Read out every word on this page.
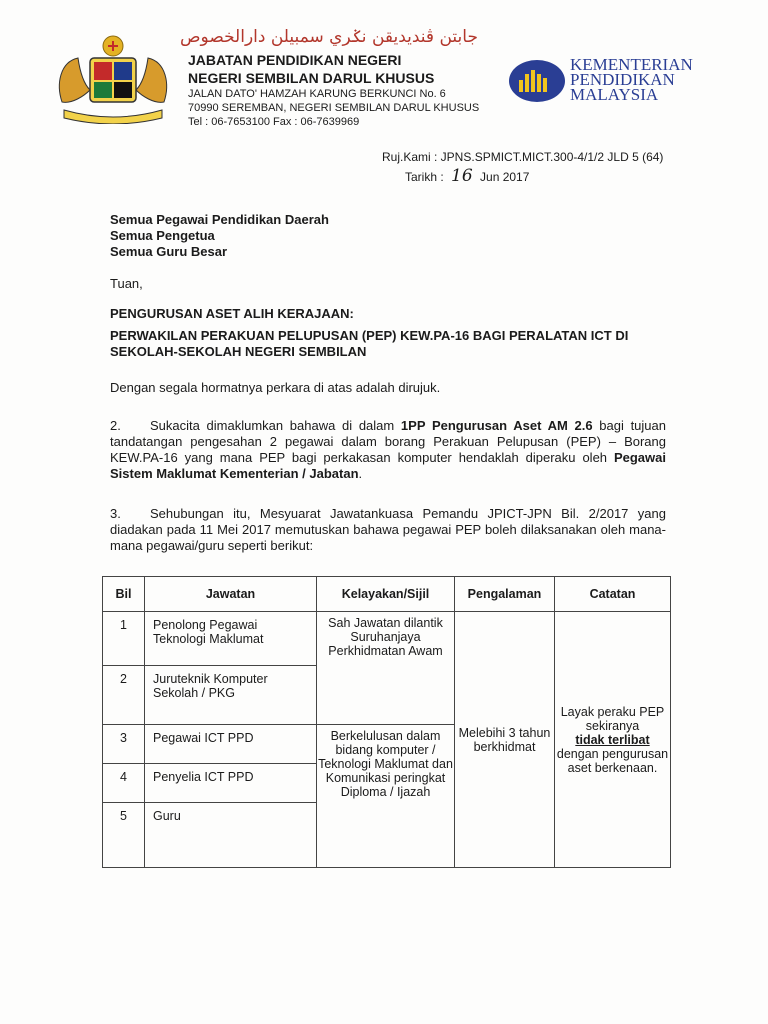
جابتن ڤنديديقن نݢري سمبيلن دارالخصوص
JABATAN PENDIDIKAN NEGERI
NEGERI SEMBILAN DARUL KHUSUS
JALAN DATO' HAMZAH KARUNG BERKUNCI No. 6
70990 SEREMBAN, NEGERI SEMBILAN DARUL KHUSUS
Tel : 06-7653100 Fax : 06-7639969
KEMENTERIAN
PENDIDIKAN
MALAYSIA
Ruj.Kami : JPNS.SPMICT.MICT.300-4/1/2 JLD 5 (64)
Tarikh : 16 Jun 2017
Semua Pegawai Pendidikan Daerah
Semua Pengetua
Semua Guru Besar
Tuan,
PENGURUSAN ASET ALIH KERAJAAN:
PERWAKILAN PERAKUAN PELUPUSAN (PEP) KEW.PA-16 BAGI PERALATAN ICT DI SEKOLAH-SEKOLAH NEGERI SEMBILAN
Dengan segala hormatnya perkara di atas adalah dirujuk.
2. Sukacita dimaklumkan bahawa di dalam 1PP Pengurusan Aset AM 2.6 bagi tujuan tandatangan pengesahan 2 pegawai dalam borang Perakuan Pelupusan (PEP) – Borang KEW.PA-16 yang mana PEP bagi perkakasan komputer hendaklah diperaku oleh Pegawai Sistem Maklumat Kementerian / Jabatan.
3. Sehubungan itu, Mesyuarat Jawatankuasa Pemandu JPICT-JPN Bil. 2/2017 yang diadakan pada 11 Mei 2017 memutuskan bahawa pegawai PEP boleh dilaksanakan oleh mana-mana pegawai/guru seperti berikut:
Bil	Jawatan	Kelayakan/Sijil	Pengalaman	Catatan
1	Penolong Pegawai Teknologi Maklumat	Sah Jawatan dilantik Suruhanjaya Perkhidmatan Awam	Melebihi 3 tahun berkhidmat	Layak peraku PEP sekiranya
tidak terlibat
dengan pengurusan aset berkenaan.
2	Juruteknik Komputer Sekolah / PKG			
3	Pegawai ICT PPD	Berkelulusan dalam bidang komputer / Teknologi Maklumat dan Komunikasi peringkat Diploma / Ijazah		
4	Penyelia ICT PPD			
5	Guru			
